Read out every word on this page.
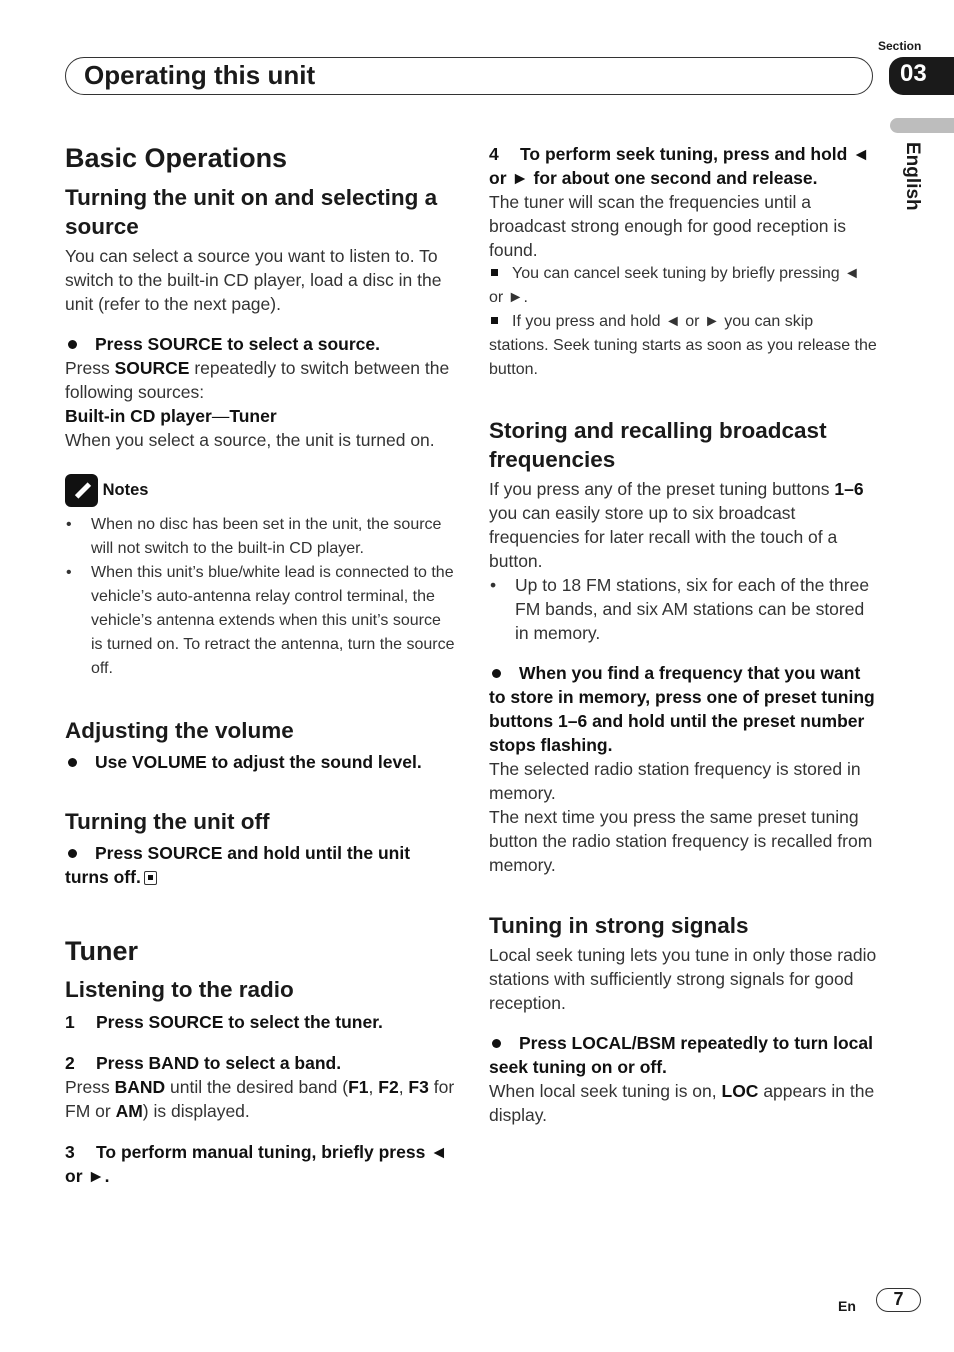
Operating this unit
Section
03
English

Basic Operations

Turning the unit on and selecting a source

You can select a source you want to listen to. To switch to the built-in CD player, load a disc in the unit (refer to the next page).

Press SOURCE to select a source.

Press SOURCE repeatedly to switch between the following sources:

Built-in CD player—Tuner

When you select a source, the unit is turned on.

Notes

• When no disc has been set in the unit, the source will not switch to the built-in CD player.

• When this unit’s blue/white lead is connected to the vehicle’s auto-antenna relay control terminal, the vehicle’s antenna extends when this unit’s source is turned on. To retract the antenna, turn the source off.

Adjusting the volume

Use VOLUME to adjust the sound level.

Turning the unit off

Press SOURCE and hold until the unit turns off.

Tuner

Listening to the radio

1 Press SOURCE to select the tuner.

2 Press BAND to select a band.

Press BAND until the desired band (F1, F2, F3 for FM or AM) is displayed.

3 To perform manual tuning, briefly press ◄ or ►.

4 To perform seek tuning, press and hold ◄ or ► for about one second and release.

The tuner will scan the frequencies until a broadcast strong enough for good reception is found.

You can cancel seek tuning by briefly pressing ◄ or ►.

If you press and hold ◄ or ► you can skip stations. Seek tuning starts as soon as you release the button.

Storing and recalling broadcast frequencies

If you press any of the preset tuning buttons 1–6 you can easily store up to six broadcast frequencies for later recall with the touch of a button.

• Up to 18 FM stations, six for each of the three FM bands, and six AM stations can be stored in memory.

When you find a frequency that you want to store in memory, press one of preset tuning buttons 1–6 and hold until the preset number stops flashing.

The selected radio station frequency is stored in memory.

The next time you press the same preset tuning button the radio station frequency is recalled from memory.

Tuning in strong signals

Local seek tuning lets you tune in only those radio stations with sufficiently strong signals for good reception.

Press LOCAL/BSM repeatedly to turn local seek tuning on or off.

When local seek tuning is on, LOC appears in the display.

En	7
